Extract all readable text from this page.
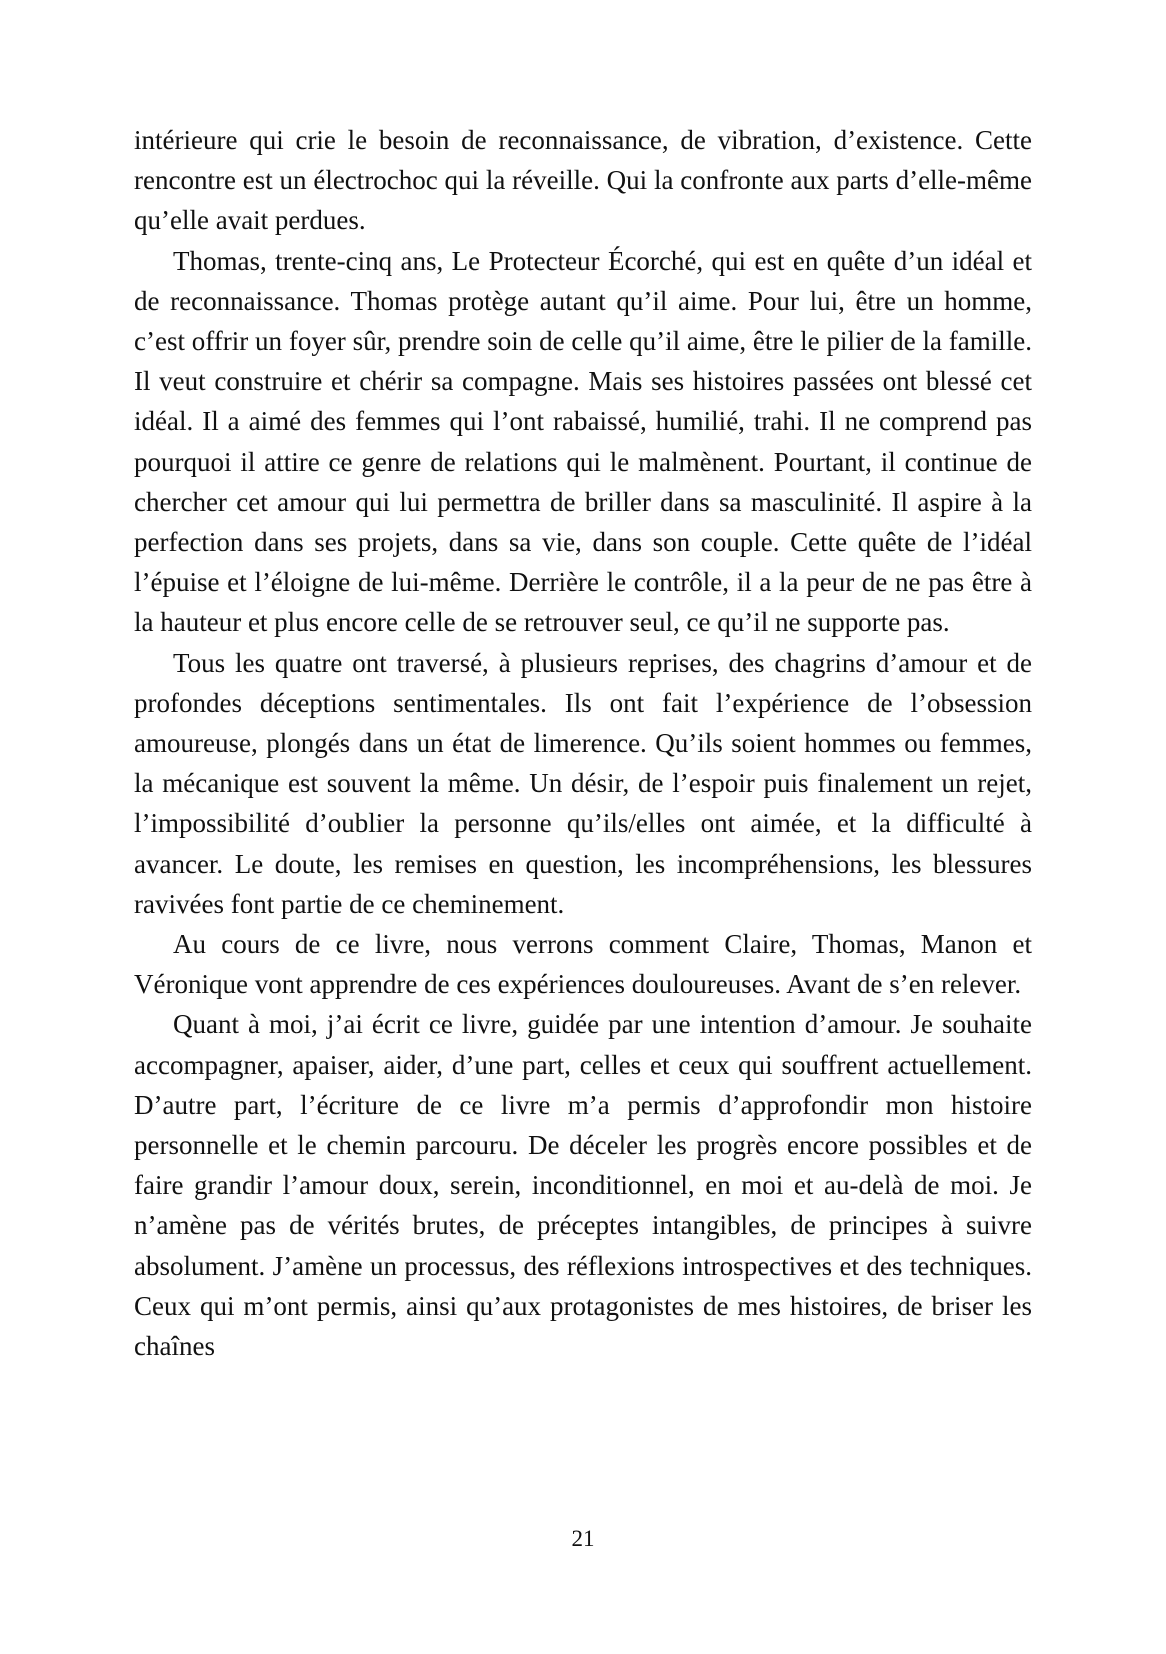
intérieure qui crie le besoin de reconnaissance, de vibration, d’existence. Cette rencontre est un électrochoc qui la réveille. Qui la confronte aux parts d’elle-même qu’elle avait perdues.

Thomas, trente-cinq ans, Le Protecteur Écorché, qui est en quête d’un idéal et de reconnaissance. Thomas protège autant qu’il aime. Pour lui, être un homme, c’est offrir un foyer sûr, prendre soin de celle qu’il aime, être le pilier de la famille. Il veut construire et chérir sa compagne. Mais ses histoires passées ont blessé cet idéal. Il a aimé des femmes qui l’ont rabaissé, humilié, trahi. Il ne comprend pas pourquoi il attire ce genre de relations qui le malmènent. Pourtant, il continue de chercher cet amour qui lui permettra de briller dans sa masculinité. Il aspire à la perfection dans ses projets, dans sa vie, dans son couple. Cette quête de l’idéal l’épuise et l’éloigne de lui-même. Derrière le contrôle, il a la peur de ne pas être à la hauteur et plus encore celle de se retrouver seul, ce qu’il ne supporte pas.

Tous les quatre ont traversé, à plusieurs reprises, des chagrins d’amour et de profondes déceptions sentimentales. Ils ont fait l’expérience de l’obsession amoureuse, plongés dans un état de limerence. Qu’ils soient hommes ou femmes, la mécanique est souvent la même. Un désir, de l’espoir puis finalement un rejet, l’impossibilité d’oublier la personne qu’ils/elles ont aimée, et la difficulté à avancer. Le doute, les remises en question, les incompréhensions, les blessures ravivées font partie de ce cheminement.

Au cours de ce livre, nous verrons comment Claire, Thomas, Manon et Véronique vont apprendre de ces expériences douloureuses. Avant de s’en relever.

Quant à moi, j’ai écrit ce livre, guidée par une intention d’amour. Je souhaite accompagner, apaiser, aider, d’une part, celles et ceux qui souffrent actuellement. D’autre part, l’écriture de ce livre m’a permis d’approfondir mon histoire personnelle et le chemin parcouru. De déceler les progrès encore possibles et de faire grandir l’amour doux, serein, inconditionnel, en moi et au-delà de moi. Je n’amène pas de vérités brutes, de préceptes intangibles, de principes à suivre absolument. J’amène un processus, des réflexions introspectives et des techniques. Ceux qui m’ont permis, ainsi qu’aux protagonistes de mes histoires, de briser les chaînes

21
